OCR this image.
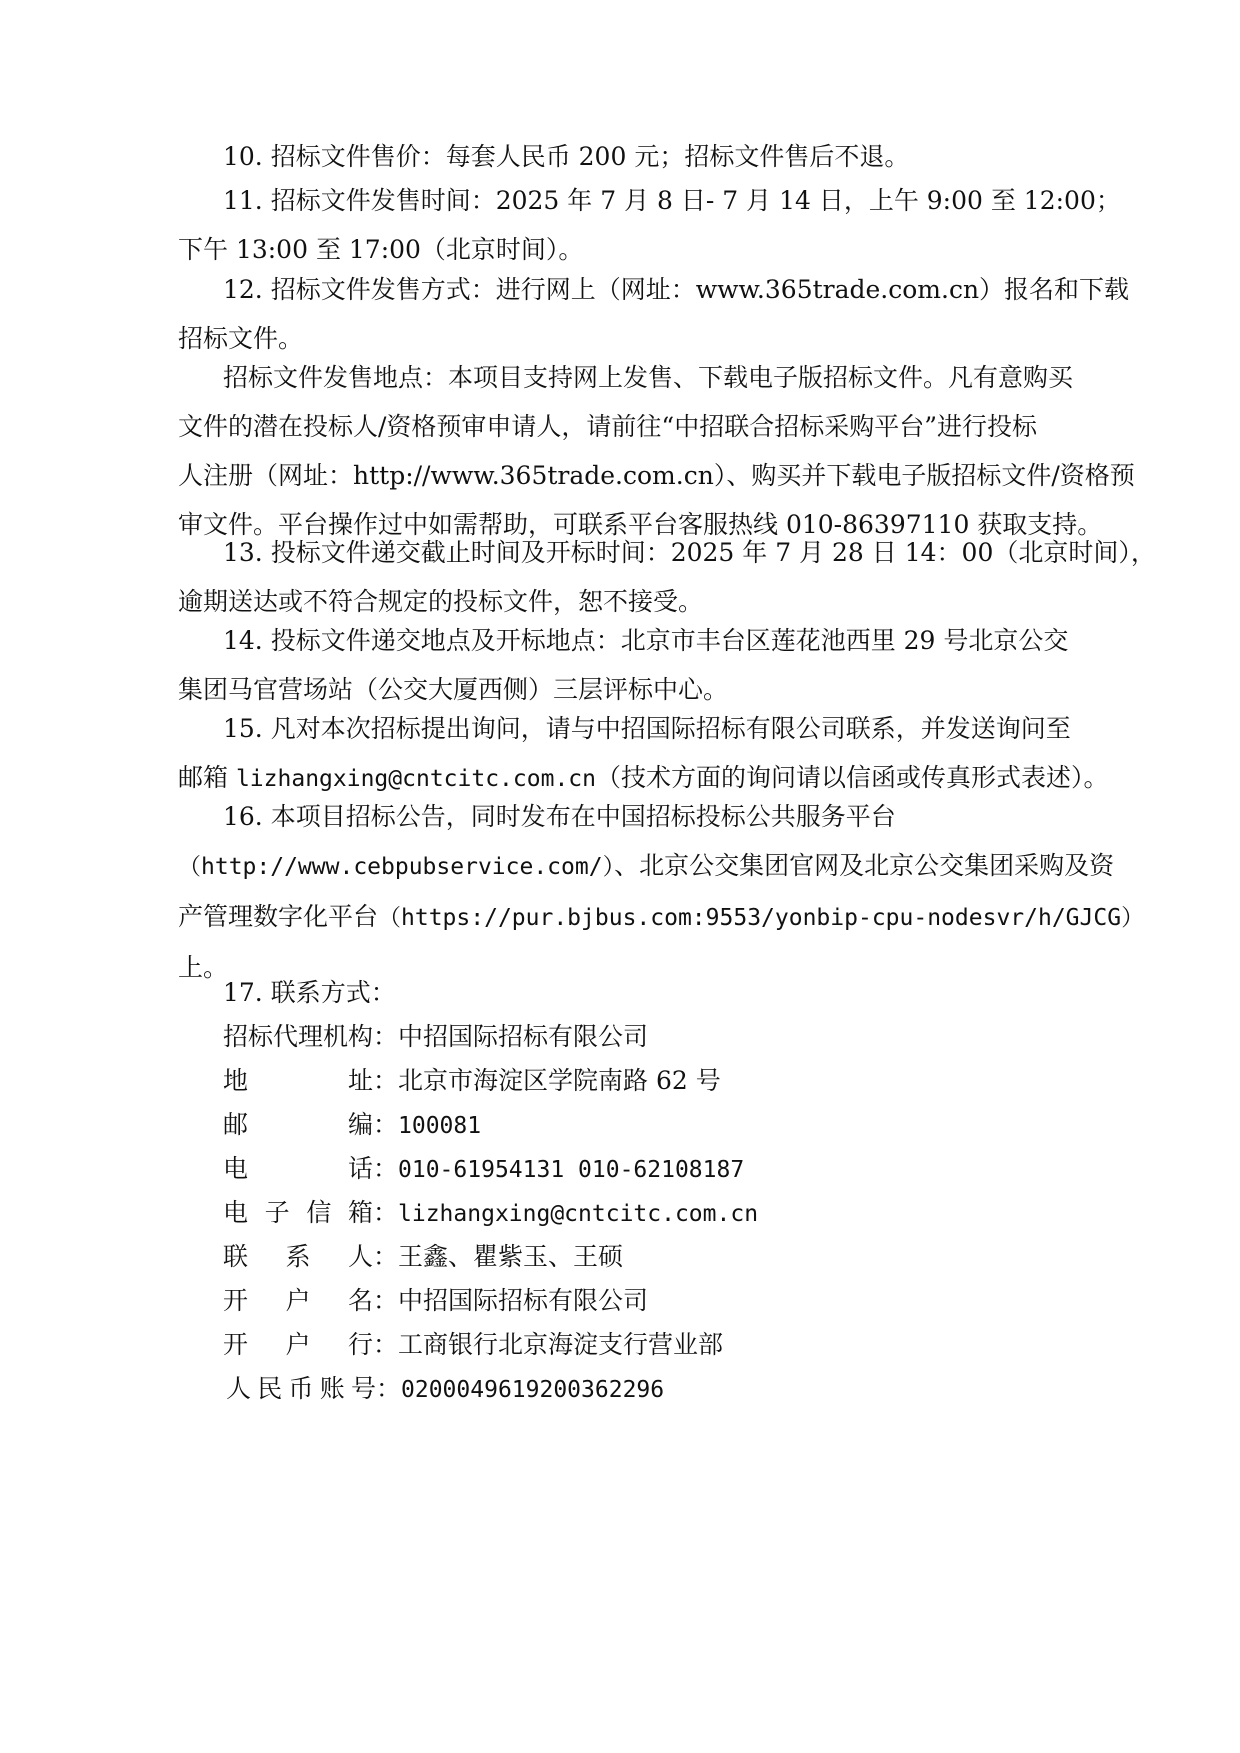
10. 招标文件售价：每套人民币 200 元；招标文件售后不退。

11. 招标文件发售时间：2025 年 7 月 8 日- 7 月 14 日，上午 9:00 至 12:00；
下午 13:00 至 17:00（北京时间）。

12. 招标文件发售方式：进行网上（网址：www.365trade.com.cn）报名和下载
招标文件。

招标文件发售地点：本项目支持网上发售、下载电子版招标文件。凡有意购买
文件的潜在投标人/资格预审申请人，请前往“中招联合招标采购平台”进行投标
人注册（网址：http://www.365trade.com.cn）、购买并下载电子版招标文件/资格预
审文件。平台操作过中如需帮助，可联系平台客服热线 010-86397110 获取支持。

13. 投标文件递交截止时间及开标时间：2025 年 7 月 28 日 14：00（北京时间），
逾期送达或不符合规定的投标文件，恕不接受。

14. 投标文件递交地点及开标地点：北京市丰台区莲花池西里 29 号北京公交
集团马官营场站（公交大厦西侧）三层评标中心。

15. 凡对本次招标提出询问，请与中招国际招标有限公司联系，并发送询问至
邮箱 lizhangxing@cntcitc.com.cn（技术方面的询问请以信函或传真形式表述）。

16. 本项目招标公告，同时发布在中国招标投标公共服务平台
（http://www.cebpubservice.com/）、北京公交集团官网及北京公交集团采购及资
产管理数字化平台（https://pur.bjbus.com:9553/yonbip-cpu-nodesvr/h/GJCG）
上。

17. 联系方式：

招标代理机构：中招国际招标有限公司
地	址 ：北京市海淀区学院南路 62 号
邮	编 ：100081
电	话 ：010-61954131 010-62108187
电 子 信 箱 ：lizhangxing@cntcitc.com.cn
联 系 人 ：王鑫、瞿紫玉、王硕
开 户 名 ：中招国际招标有限公司
开 户 行 ：工商银行北京海淀支行营业部
人 民 币 账 号 ：0200049619200362296
